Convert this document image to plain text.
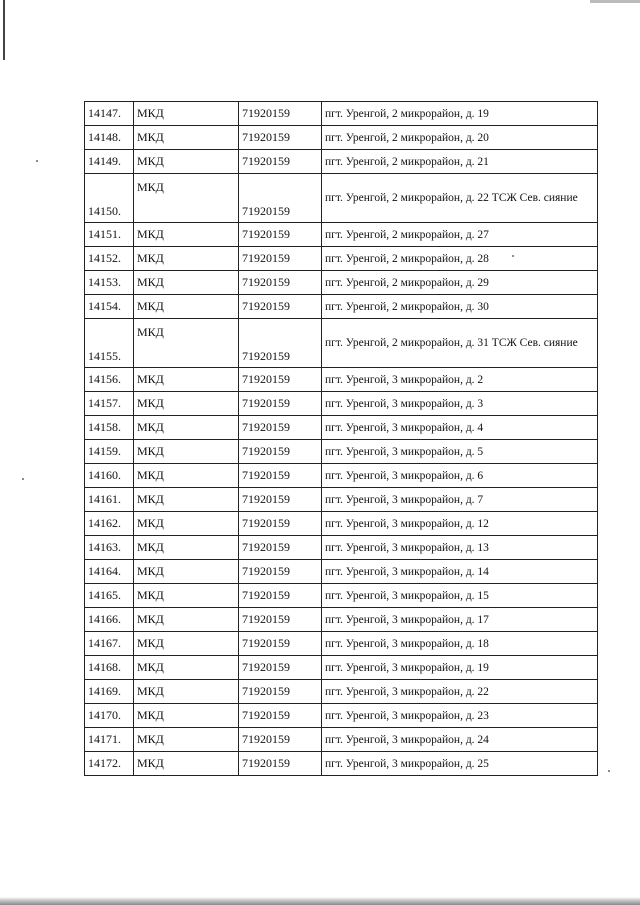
14147.	МКД	71920159	пгт. Уренгой, 2 микрорайон, д. 19
14148.	МКД	71920159	пгт. Уренгой, 2 микрорайон, д. 20
14149.	МКД	71920159	пгт. Уренгой, 2 микрорайон, д. 21
14150.	МКД	71920159	пгт. Уренгой, 2 микрорайон, д. 22 ТСЖ Сев. сияние
14151.	МКД	71920159	пгт. Уренгой, 2 микрорайон, д. 27
14152.	МКД	71920159	пгт. Уренгой, 2 микрорайон, д. 28
14153.	МКД	71920159	пгт. Уренгой, 2 микрорайон, д. 29
14154.	МКД	71920159	пгт. Уренгой, 2 микрорайон, д. 30
14155.	МКД	71920159	пгт. Уренгой, 2 микрорайон, д. 31 ТСЖ Сев. сияние
14156.	МКД	71920159	пгт. Уренгой, 3 микрорайон, д. 2
14157.	МКД	71920159	пгт. Уренгой, 3 микрорайон, д. 3
14158.	МКД	71920159	пгт. Уренгой, 3 микрорайон, д. 4
14159.	МКД	71920159	пгт. Уренгой, 3 микрорайон, д. 5
14160.	МКД	71920159	пгт. Уренгой, 3 микрорайон, д. 6
14161.	МКД	71920159	пгт. Уренгой, 3 микрорайон, д. 7
14162.	МКД	71920159	пгт. Уренгой, 3 микрорайон, д. 12
14163.	МКД	71920159	пгт. Уренгой, 3 микрорайон, д. 13
14164.	МКД	71920159	пгт. Уренгой, 3 микрорайон, д. 14
14165.	МКД	71920159	пгт. Уренгой, 3 микрорайон, д. 15
14166.	МКД	71920159	пгт. Уренгой, 3 микрорайон, д. 17
14167.	МКД	71920159	пгт. Уренгой, 3 микрорайон, д. 18
14168.	МКД	71920159	пгт. Уренгой, 3 микрорайон, д. 19
14169.	МКД	71920159	пгт. Уренгой, 3 микрорайон, д. 22
14170.	МКД	71920159	пгт. Уренгой, 3 микрорайон, д. 23
14171.	МКД	71920159	пгт. Уренгой, 3 микрорайон, д. 24
14172.	МКД	71920159	пгт. Уренгой, 3 микрорайон, д. 25
